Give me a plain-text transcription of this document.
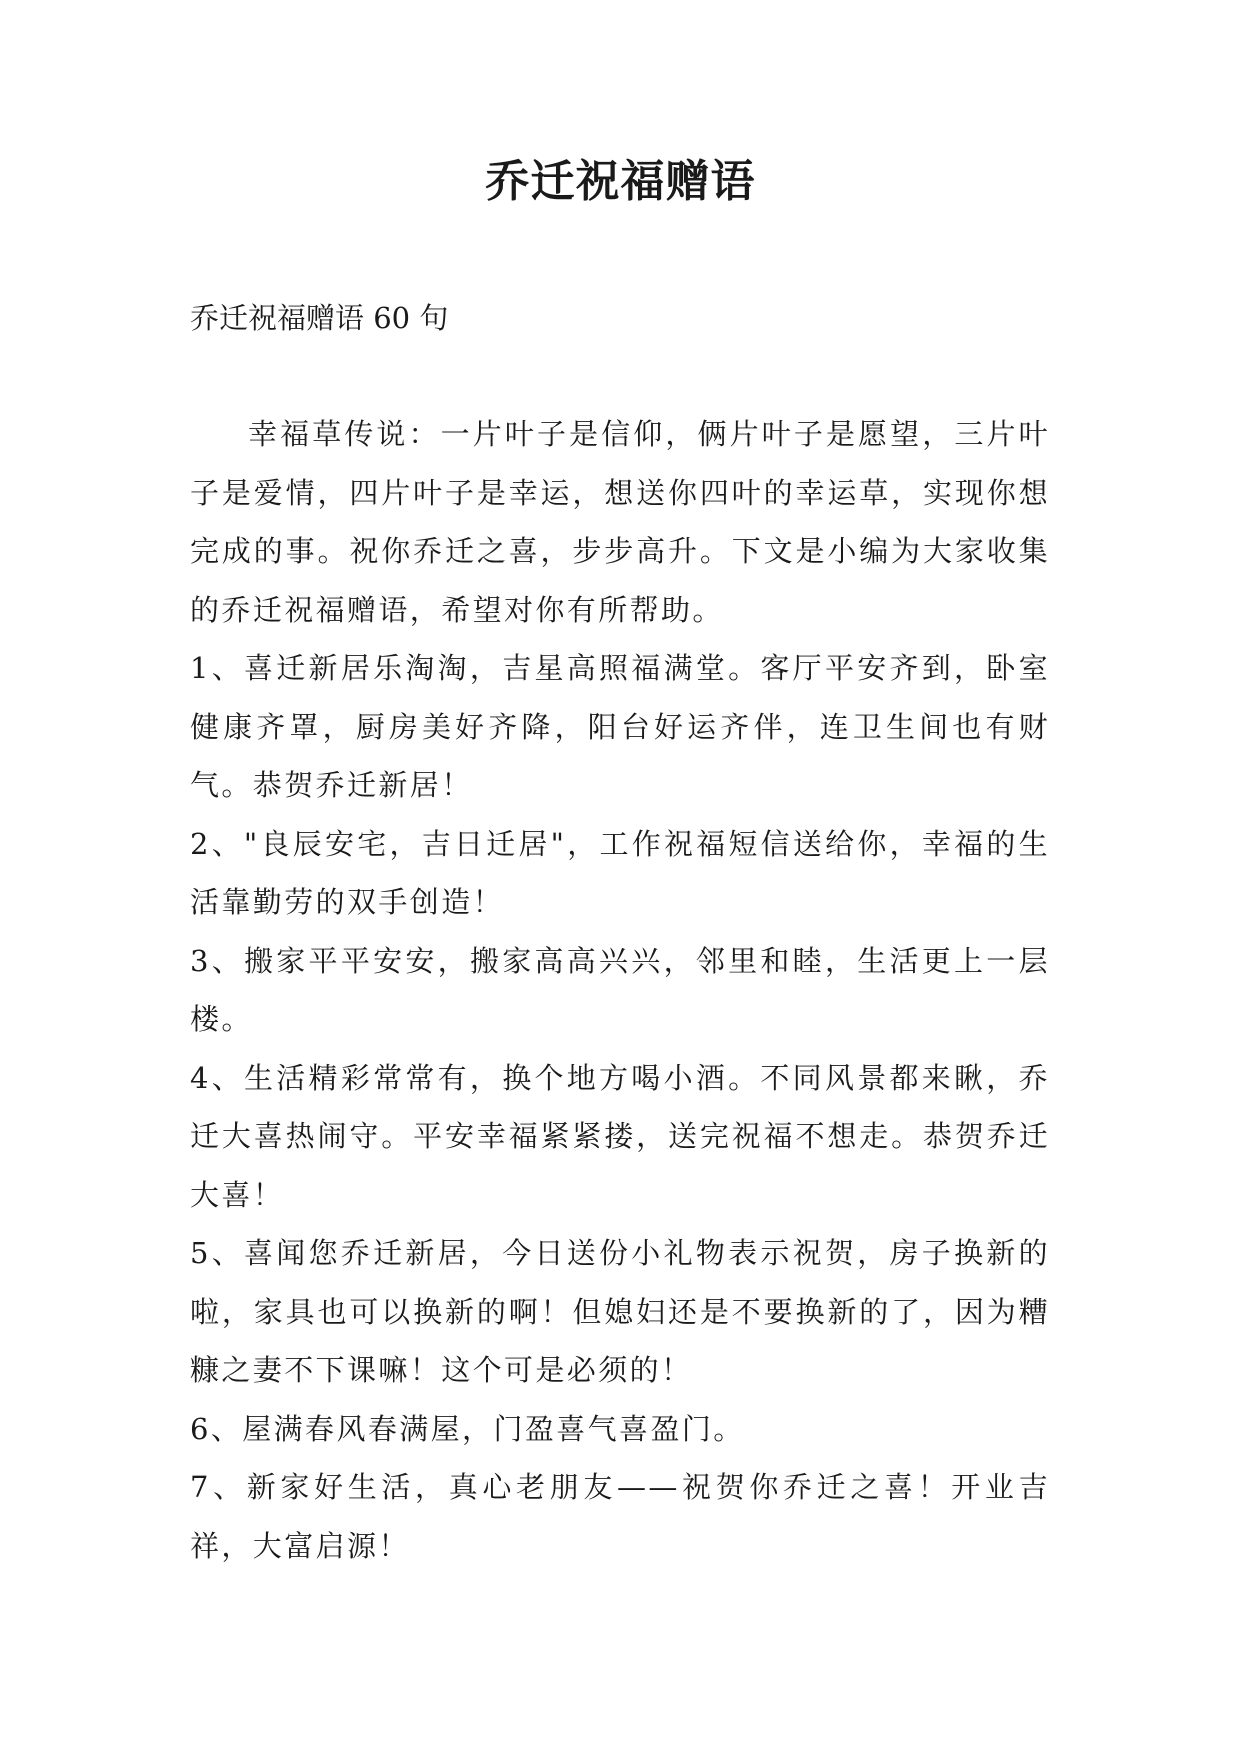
乔迁祝福赠语

乔迁祝福赠语 60 句

幸福草传说：一片叶子是信仰，俩片叶子是愿望，三片叶子是爱情，四片叶子是幸运，想送你四叶的幸运草，实现你想完成的事。祝你乔迁之喜，步步高升。下文是小编为大家收集的乔迁祝福赠语，希望对你有所帮助。

1、喜迁新居乐淘淘，吉星高照福满堂。客厅平安齐到，卧室健康齐罩，厨房美好齐降，阳台好运齐伴，连卫生间也有财气。恭贺乔迁新居！

2、"良辰安宅，吉日迁居"，工作祝福短信送给你，幸福的生活靠勤劳的双手创造！

3、搬家平平安安，搬家高高兴兴，邻里和睦，生活更上一层楼。

4、生活精彩常常有，换个地方喝小酒。不同风景都来瞅，乔迁大喜热闹守。平安幸福紧紧搂，送完祝福不想走。恭贺乔迁大喜！

5、喜闻您乔迁新居，今日送份小礼物表示祝贺，房子换新的啦，家具也可以换新的啊！但媳妇还是不要换新的了，因为糟糠之妻不下课嘛！这个可是必须的！

6、屋满春风春满屋，门盈喜气喜盈门。

7、新家好生活，真心老朋友——祝贺你乔迁之喜！开业吉祥，大富启源！
